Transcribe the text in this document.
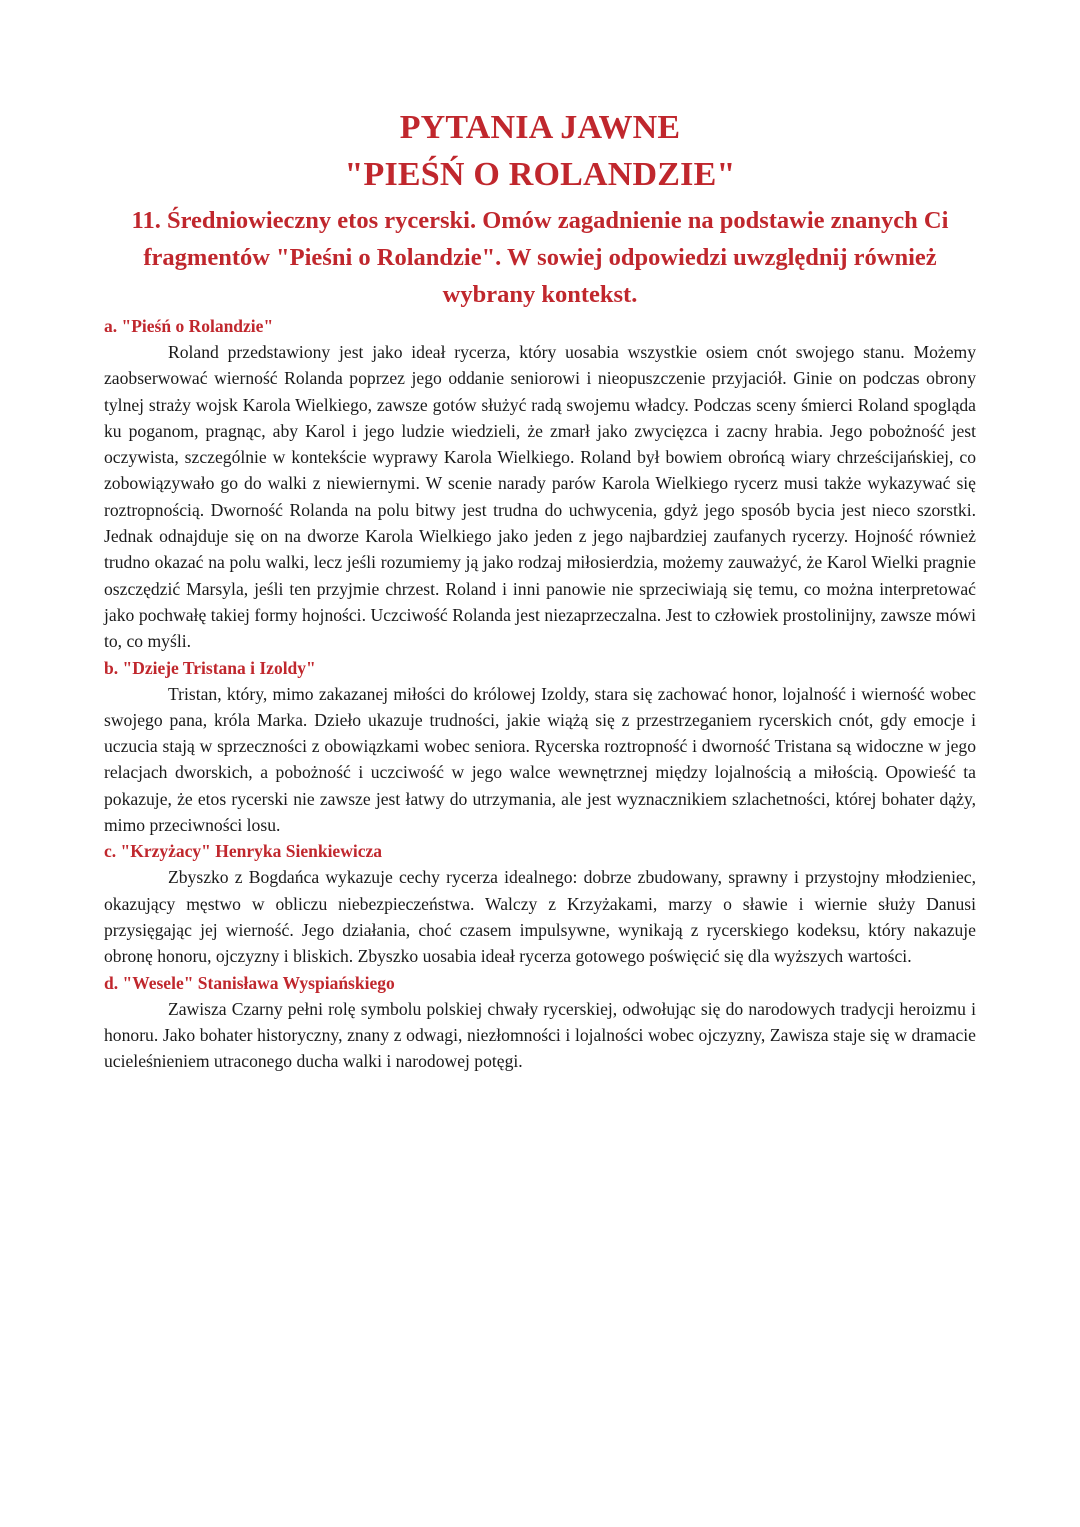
PYTANIA JAWNE
"PIEŚŃ O ROLANDZIE"

11. Średniowieczny etos rycerski. Omów zagadnienie na podstawie znanych Ci fragmentów "Pieśni o Rolandzie". W sowiej odpowiedzi uwzględnij również wybrany kontekst.

a. "Pieśń o Rolandzie"

Roland przedstawiony jest jako ideał rycerza, który uosabia wszystkie osiem cnót swojego stanu. Możemy zaobserwować wierność Rolanda poprzez jego oddanie seniorowi i nieopuszczenie przyjaciół. Ginie on podczas obrony tylnej straży wojsk Karola Wielkiego, zawsze gotów służyć radą swojemu władcy. Podczas sceny śmierci Roland spogląda ku poganom, pragnąc, aby Karol i jego ludzie wiedzieli, że zmarł jako zwycięzca i zacny hrabia. Jego pobożność jest oczywista, szczególnie w kontekście wyprawy Karola Wielkiego. Roland był bowiem obrońcą wiary chrześcijańskiej, co zobowiązywało go do walki z niewiernymi. W scenie narady parów Karola Wielkiego rycerz musi także wykazywać się roztropnością. Dworność Rolanda na polu bitwy jest trudna do uchwycenia, gdyż jego sposób bycia jest nieco szorstki. Jednak odnajduje się on na dworze Karola Wielkiego jako jeden z jego najbardziej zaufanych rycerzy. Hojność również trudno okazać na polu walki, lecz jeśli rozumiemy ją jako rodzaj miłosierdzia, możemy zauważyć, że Karol Wielki pragnie oszczędzić Marsyla, jeśli ten przyjmie chrzest. Roland i inni panowie nie sprzeciwiają się temu, co można interpretować jako pochwałę takiej formy hojności. Uczciwość Rolanda jest niezaprzeczalna. Jest to człowiek prostolinijny, zawsze mówi to, co myśli.

b. "Dzieje Tristana i Izoldy"

Tristan, który, mimo zakazanej miłości do królowej Izoldy, stara się zachować honor, lojalność i wierność wobec swojego pana, króla Marka. Dzieło ukazuje trudności, jakie wiążą się z przestrzeganiem rycerskich cnót, gdy emocje i uczucia stają w sprzeczności z obowiązkami wobec seniora. Rycerska roztropność i dworność Tristana są widoczne w jego relacjach dworskich, a pobożność i uczciwość w jego walce wewnętrznej między lojalnością a miłością. Opowieść ta pokazuje, że etos rycerski nie zawsze jest łatwy do utrzymania, ale jest wyznacznikiem szlachetności, której bohater dąży, mimo przeciwności losu.

c. "Krzyżacy" Henryka Sienkiewicza

Zbyszko z Bogdańca wykazuje cechy rycerza idealnego: dobrze zbudowany, sprawny i przystojny młodzieniec, okazujący męstwo w obliczu niebezpieczeństwa. Walczy z Krzyżakami, marzy o sławie i wiernie służy Danusi przysięgając jej wierność. Jego działania, choć czasem impulsywne, wynikają z rycerskiego kodeksu, który nakazuje obronę honoru, ojczyzny i bliskich. Zbyszko uosabia ideał rycerza gotowego poświęcić się dla wyższych wartości.

d. "Wesele" Stanisława Wyspiańskiego

Zawisza Czarny pełni rolę symbolu polskiej chwały rycerskiej, odwołując się do narodowych tradycji heroizmu i honoru. Jako bohater historyczny, znany z odwagi, niezłomności i lojalności wobec ojczyzny, Zawisza staje się w dramacie ucieleśnieniem utraconego ducha walki i narodowej potęgi.
